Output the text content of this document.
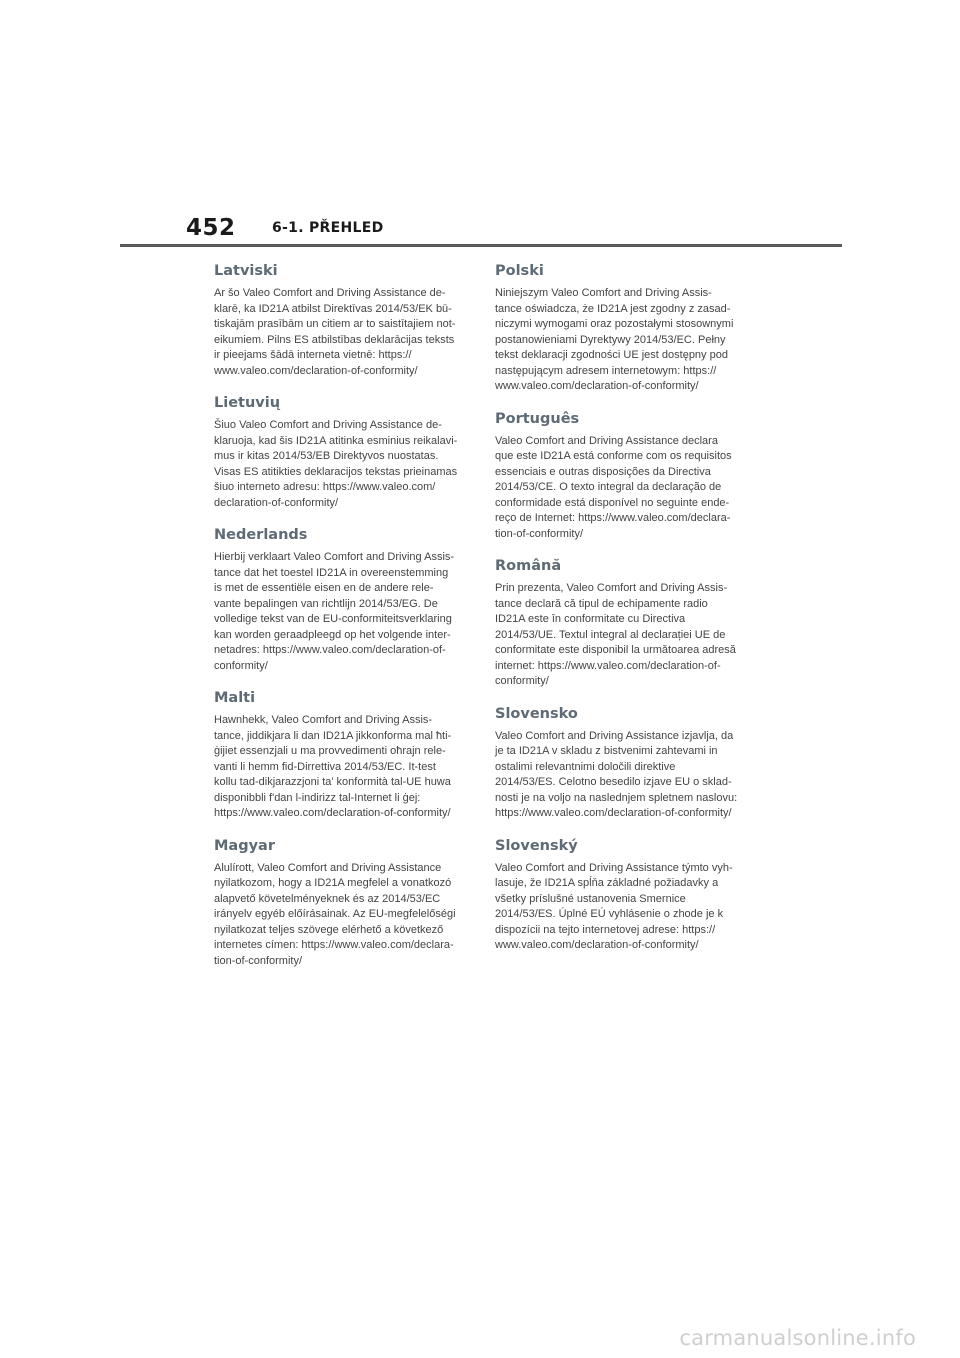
452	6-1. PŘEHLED
Latviski

Ar šo Valeo Comfort and Driving Assistance de-
klarē, ka ID21A atbilst Direktīvas 2014/53/EK bū-
tiskajām prasībām un citiem ar to saistītajiem not-
eikumiem. Pilns ES atbilstības deklarācijas teksts
ir pieejams šādā interneta vietnē: https://
www.valeo.com/declaration-of-conformity/

Lietuvių

Šiuo Valeo Comfort and Driving Assistance de-
klaruoja, kad šis ID21A atitinka esminius reikalavi-
mus ir kitas 2014/53/EB Direktyvos nuostatas.
Visas ES atitikties deklaracijos tekstas prieinamas
šiuo interneto adresu: https://www.valeo.com/
declaration-of-conformity/

Nederlands

Hierbij verklaart Valeo Comfort and Driving Assis-
tance dat het toestel ID21A in overeenstemming
is met de essentiële eisen en de andere rele-
vante bepalingen van richtlijn 2014/53/EG. De
volledige tekst van de EU-conformiteitsverklaring
kan worden geraadpleegd op het volgende inter-
netadres: https://www.valeo.com/declaration-of-
conformity/

Malti

Hawnhekk, Valeo Comfort and Driving Assis-
tance, jiddikjara li dan ID21A jikkonforma mal ħti-
ġijiet essenzjali u ma provvedimenti oħrajn rele-
vanti li hemm fid-Dirrettiva 2014/53/EC. It-test
kollu tad-dikjarazzjoni ta' konformità tal-UE huwa
disponibbli f'dan l-indirizz tal-Internet li ġej:
https://www.valeo.com/declaration-of-conformity/

Magyar

Alulírott, Valeo Comfort and Driving Assistance
nyilatkozom, hogy a ID21A megfelel a vonatkozó
alapvető követelményeknek és az 2014/53/EC
irányelv egyéb előírásainak. Az EU-megfelelőségi
nyilatkozat teljes szövege elérhető a következő
internetes címen: https://www.valeo.com/declara-
tion-of-conformity/

Polski

Niniejszym Valeo Comfort and Driving Assis-
tance oświadcza, że ID21A jest zgodny z zasad-
niczymi wymogami oraz pozostałymi stosownymi
postanowieniami Dyrektywy 2014/53/EC. Pełny
tekst deklaracji zgodności UE jest dostępny pod
następującym adresem internetowym: https://
www.valeo.com/declaration-of-conformity/

Português

Valeo Comfort and Driving Assistance declara
que este ID21A está conforme com os requisitos
essenciais e outras disposições da Directiva
2014/53/CE. O texto integral da declaração de
conformidade está disponível no seguinte ende-
reço de Internet: https://www.valeo.com/declara-
tion-of-conformity/

Română

Prin prezenta, Valeo Comfort and Driving Assis-
tance declară că tipul de echipamente radio
ID21A este în conformitate cu Directiva
2014/53/UE. Textul integral al declarației UE de
conformitate este disponibil la următoarea adresă
internet: https://www.valeo.com/declaration-of-
conformity/

Slovensko

Valeo Comfort and Driving Assistance izjavlja, da
je ta ID21A v skladu z bistvenimi zahtevami in
ostalimi relevantnimi določili direktive
2014/53/ES. Celotno besedilo izjave EU o sklad-
nosti je na voljo na naslednjem spletnem naslovu:
https://www.valeo.com/declaration-of-conformity/

Slovenský

Valeo Comfort and Driving Assistance týmto vyh-
lasuje, že ID21A spĺňa základné požiadavky a
všetky príslušné ustanovenia Smernice
2014/53/ES. Úplné EÚ vyhlásenie o zhode je k
dispozícii na tejto internetovej adrese: https://
www.valeo.com/declaration-of-conformity/

carmanualsonline.info
